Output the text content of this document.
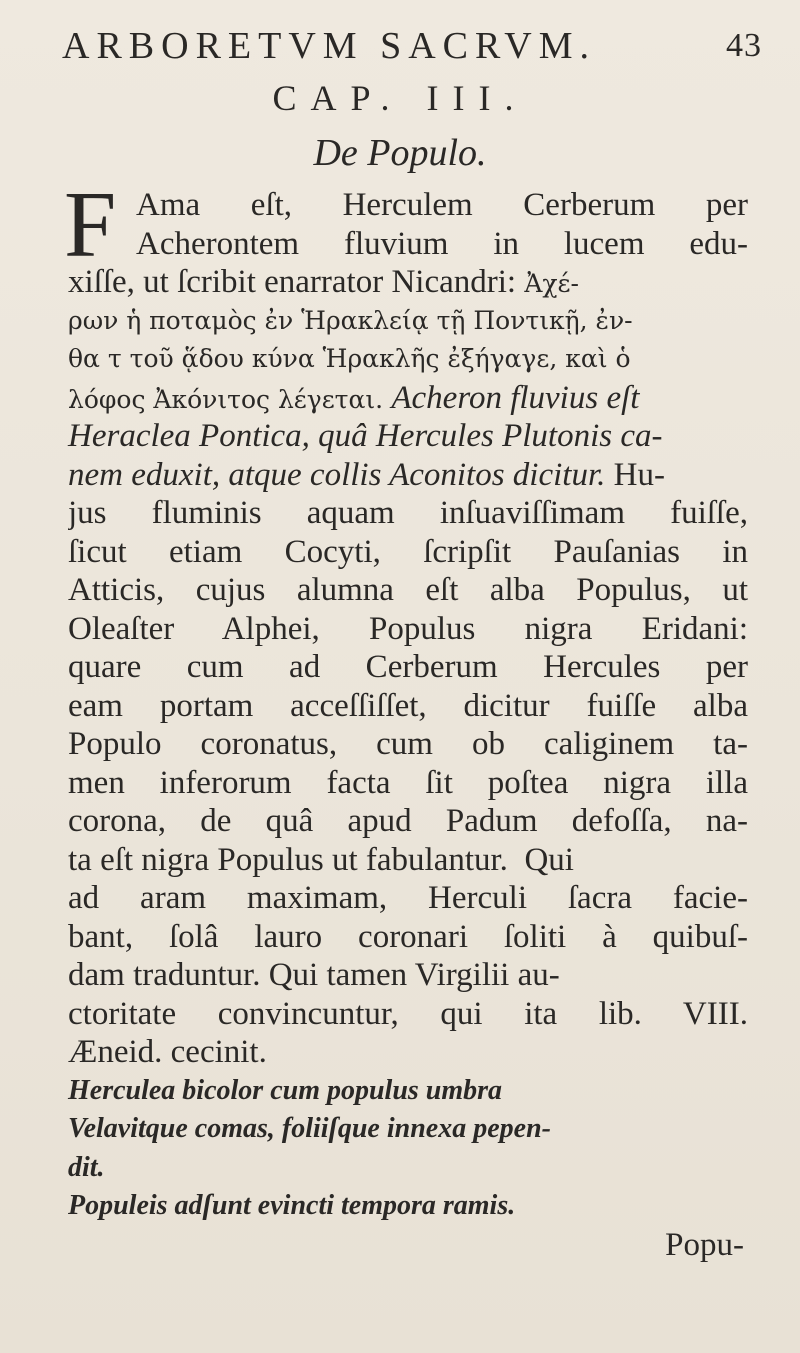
ARBORETVM SACRVM.	43
CAP. III.
De Populo.
F Ama eſt, Herculem Cerberum per
Acherontem fluvium in lucem edu-
xiſſe, ut ſcribit enarrator Nicandri: Ἀχέ-
ρων ἡ ποταμὸς ἐν Ἡρακλείᾳ τῇ Ποντικῇ, ἐν-
θα τ τοῦ ᾅδου κύνα Ἡρακλῆς ἐξήγαγε, καὶ ὁ
λόφος Ἀκόνιτος λέγεται. Acheron fluvius eſt
Heraclea Pontica, quâ Hercules Plutonis ca-
nem eduxit, atque collis Aconitos dicitur. Hu-
jus fluminis aquam inſuaviſſimam fuiſſe,
ſicut etiam Cocyti, ſcripſit Pauſanias in
Atticis, cujus alumna eſt alba Populus, ut
Oleaſter Alphei, Populus nigra Eridani:
quare cum ad Cerberum Hercules per
eam portam acceſſiſſet, dicitur fuiſſe alba
Populo coronatus, cum ob caliginem ta-
men inferorum facta ſit poſtea nigra illa
corona, de quâ apud Padum defoſſa, na-
ta eſt nigra Populus ut fabulantur. Qui
ad aram maximam, Herculi ſacra facie-
bant, ſolâ lauro coronari ſoliti à quibuſ-
dam traduntur. Qui tamen Virgilii au-
ctoritate convincuntur, qui ita lib. VIII.
Æneid. cecinit.
Herculea bicolor cum populus umbra
Velavitque comas, foliiſque innexa pepen-
dit.
Populeis adſunt evincti tempora ramis.
Popu-
